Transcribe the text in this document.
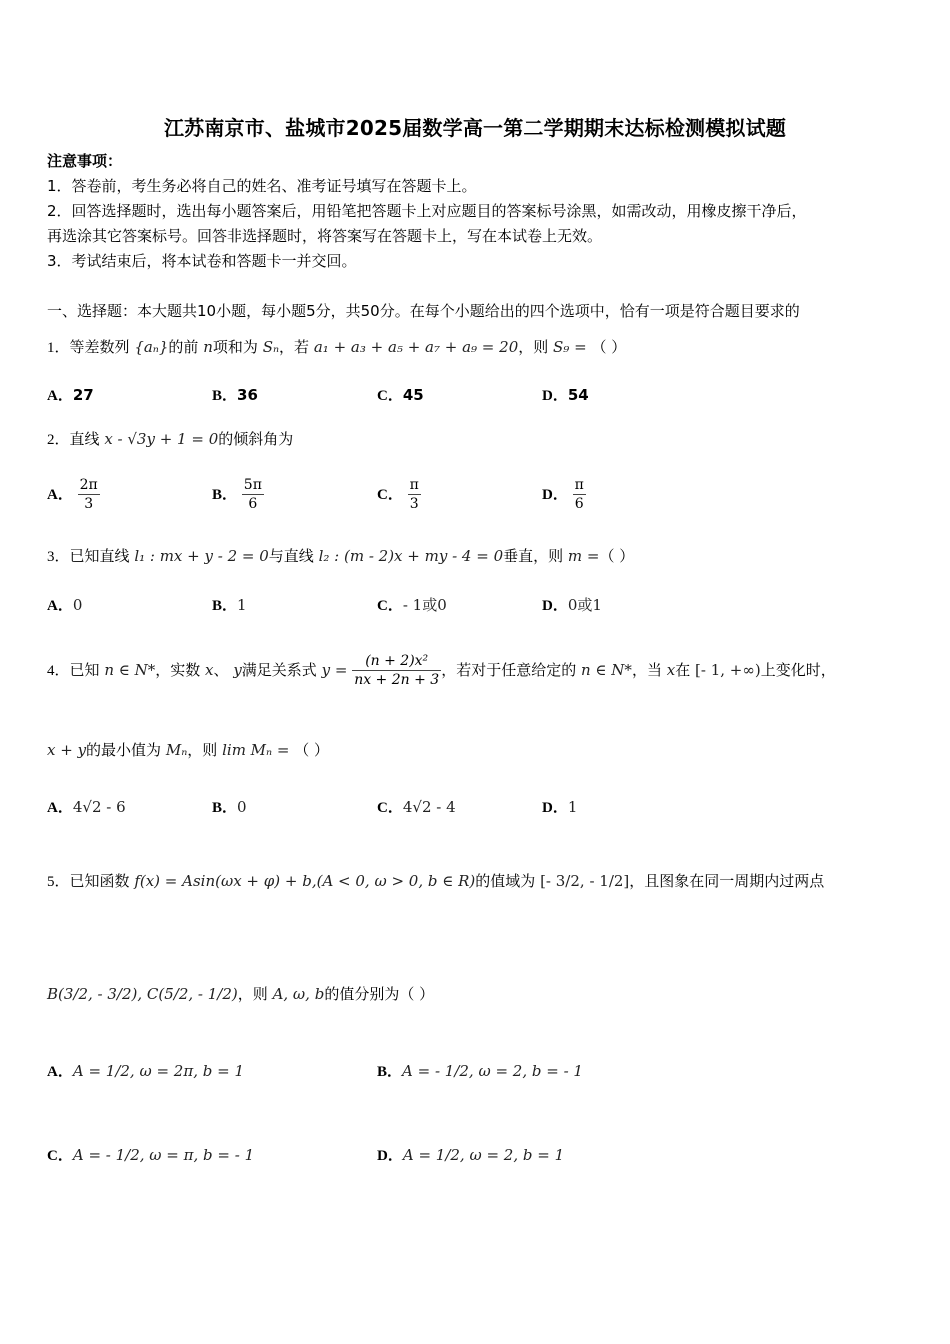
江苏南京市、盐城市2025届数学高一第二学期期末达标检测模拟试题
注意事项：
1．答卷前，考生务必将自己的姓名、准考证号填写在答题卡上。
2．回答选择题时，选出每小题答案后，用铅笔把答题卡上对应题目的答案标号涂黑，如需改动，用橡皮擦干净后，
再选涂其它答案标号。回答非选择题时，将答案写在答题卡上，写在本试卷上无效。
3．考试结束后，将本试卷和答题卡一并交回。
一、选择题：本大题共10小题，每小题5分，共50分。在每个小题给出的四个选项中，恰有一项是符合题目要求的
1．等差数列 {aₙ}的前 n项和为 Sₙ，若 a₁ + a₃ + a₅ + a₇ + a₉ = 20，则 S₉ = （ ）
A．27	B．36	C．45	D．54
2．直线 x - √3y + 1 = 0的倾斜角为
A． $\frac{2\pi}{3}$	B． $\frac{5\pi}{6}$	C． $\frac{\pi}{3}$	D． $\frac{\pi}{6}$
3．已知直线 l₁ : mx + y - 2 = 0与直线 l₂ : (m - 2)x + my - 4 = 0垂直，则 m =（ ）
A．0	B．1	C．- 1或0	D．0或1
4．已知 n ∈ N*，实数 x、 y满足关系式 $y = \frac{\text{(n + 2)x²}}{nx + 2n + 3}$ ，若对于任意给定的 n ∈ N*，当 x在 [- 1, +∞)上变化时，
x + y的最小值为 Mₙ，则 lim Mₙ = （ ）
A．4√2 - 6	B．0	C．4√2 - 4	D．1
5．已知函数 f(x) = Asin(ωx + φ) + b,(A < 0, ω > 0, b ∈ R)的值域为 [- 3/2, - 1/2]，且图象在同一周期内过两点
B(3/2, - 3/2), C(5/2, - 1/2)，则 A, ω, b的值分别为（ ）
A．A = 1/2, ω = 2π, b = 1	B．A = - 1/2, ω = 2, b = - 1
C．A = - 1/2, ω = π, b = - 1	D．A = 1/2, ω = 2, b = 1
